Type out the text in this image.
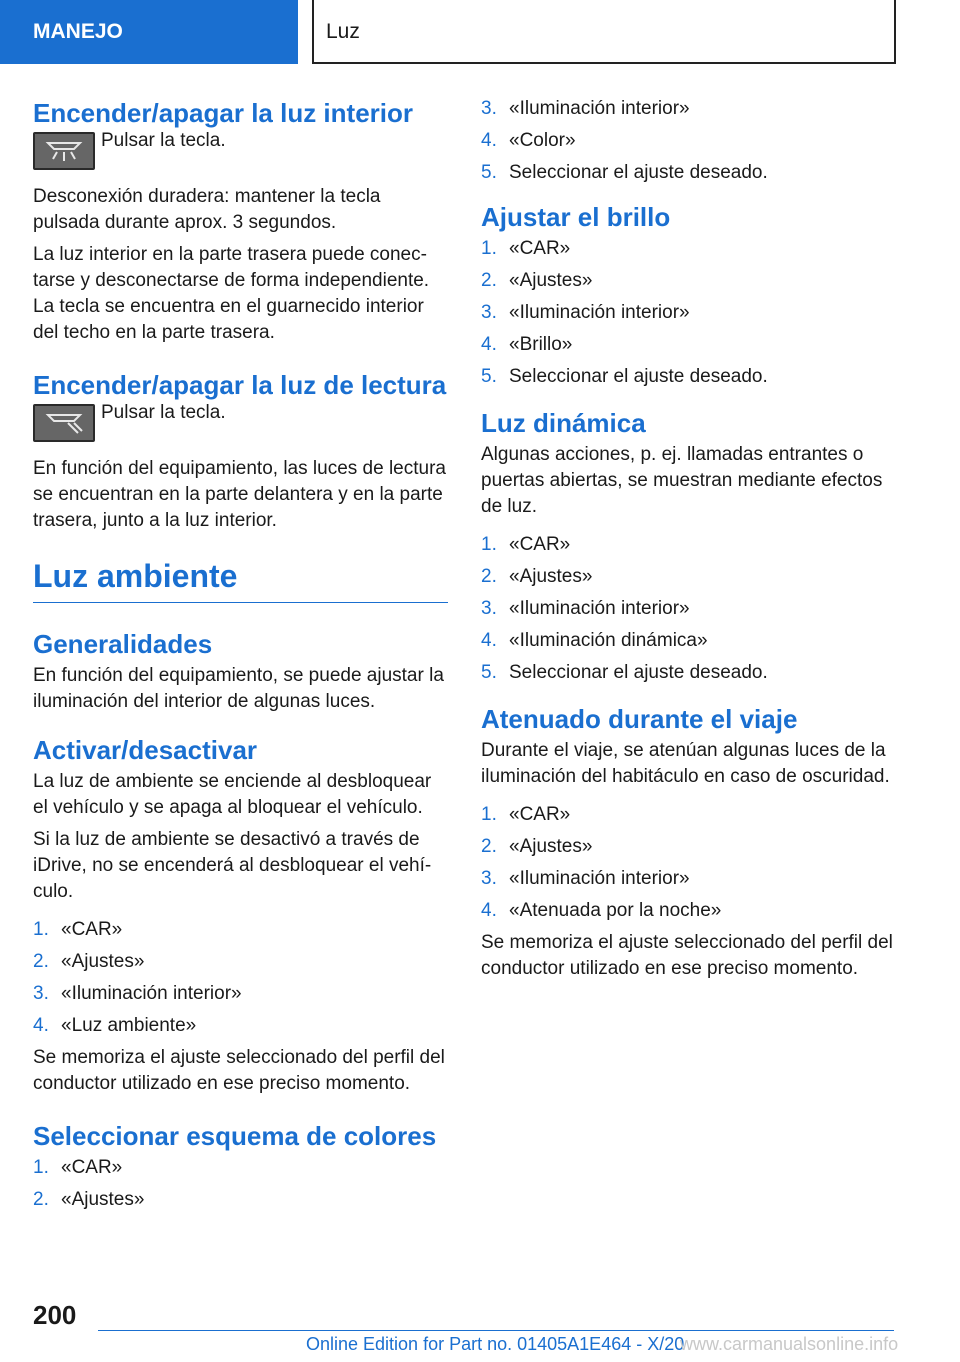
MANEJO	Luz
Encender/apagar la luz interior
Pulsar la tecla.

Desconexión duradera: mantener la tecla pulsada durante aprox. 3 segundos.

La luz interior en la parte trasera puede conectarse y desconectarse de forma independiente. La tecla se encuentra en el guarnecido interior del techo en la parte trasera.

Encender/apagar la luz de lectura
Pulsar la tecla.

En función del equipamiento, las luces de lectura se encuentran en la parte delantera y en la parte trasera, junto a la luz interior.

Luz ambiente
Generalidades

En función del equipamiento, se puede ajustar la iluminación del interior de algunas luces.

Activar/desactivar

La luz de ambiente se enciende al desbloquear el vehículo y se apaga al bloquear el vehículo.

Si la luz de ambiente se desactivó a través de iDrive, no se encenderá al desbloquear el vehículo.

1. «CAR»
2. «Ajustes»
3. «Iluminación interior»
4. «Luz ambiente»

Se memoriza el ajuste seleccionado del perfil del conductor utilizado en ese preciso momento.

Seleccionar esquema de colores
1. «CAR»
2. «Ajustes»
3. «Iluminación interior»
4. «Color»
5. Seleccionar el ajuste deseado.
Ajustar el brillo
1. «CAR»
2. «Ajustes»
3. «Iluminación interior»
4. «Brillo»
5. Seleccionar el ajuste deseado.
Luz dinámica

Algunas acciones, p. ej. llamadas entrantes o puertas abiertas, se muestran mediante efectos de luz.

1. «CAR»
2. «Ajustes»
3. «Iluminación interior»
4. «Iluminación dinámica»
5. Seleccionar el ajuste deseado.
Atenuado durante el viaje

Durante el viaje, se atenúan algunas luces de la iluminación del habitáculo en caso de oscuridad.

1. «CAR»
2. «Ajustes»
3. «Iluminación interior»
4. «Atenuada por la noche»

Se memoriza el ajuste seleccionado del perfil del conductor utilizado en ese preciso momento.

200
Online Edition for Part no. 01405A1E464 - X/20
www.carmanualsonline.info
